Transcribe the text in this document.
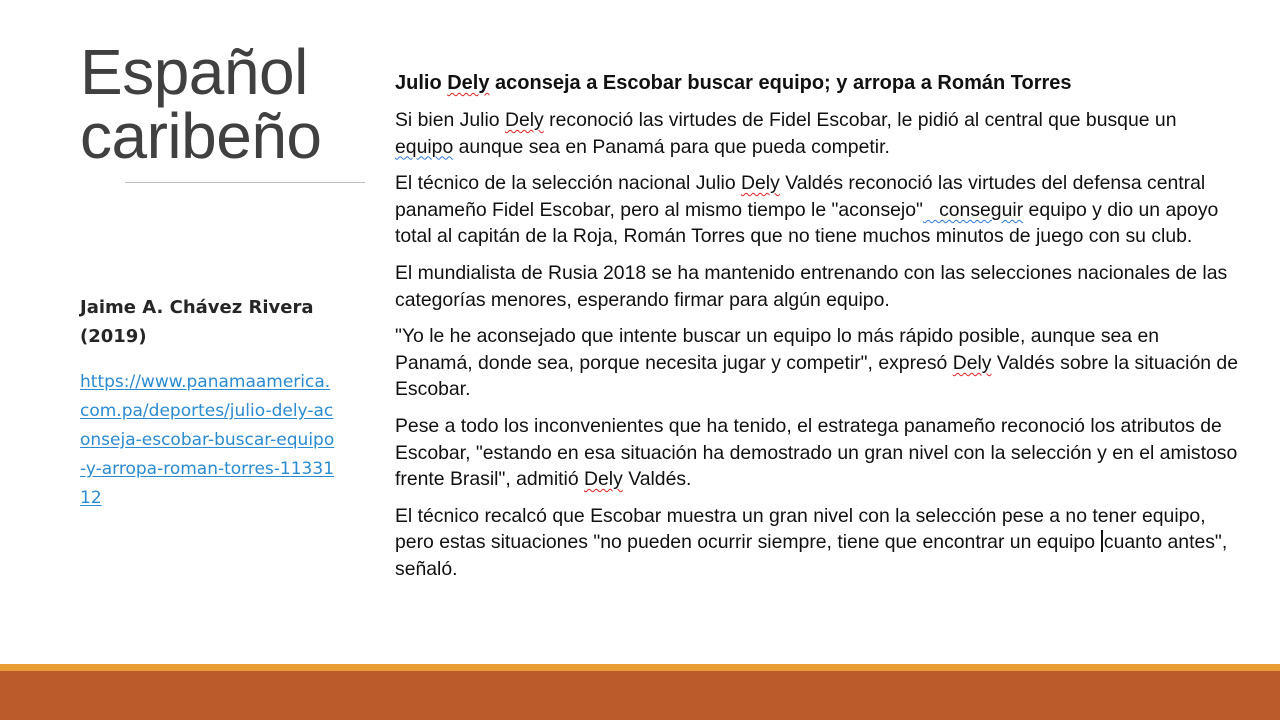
Español
caribeño

Jaime A. Chávez Rivera
(2019)

https://www.panamaamerica.com.pa/deportes/julio-dely-aconseja-escobar-buscar-equipo-y-arropa-roman-torres-1133112

Julio Dely aconseja a Escobar buscar equipo; y arropa a Román Torres

Si bien Julio Dely reconoció las virtudes de Fidel Escobar, le pidió al central que busque un equipo aunque sea en Panamá para que pueda competir.

El técnico de la selección nacional Julio Dely Valdés reconoció las virtudes del defensa central panameño Fidel Escobar, pero al mismo tiempo le "aconsejo"   conseguir equipo y dio un apoyo total al capitán de la Roja, Román Torres que no tiene muchos minutos de juego con su club.

El mundialista de Rusia 2018 se ha mantenido entrenando con las selecciones nacionales de las categorías menores, esperando firmar para algún equipo.

"Yo le he aconsejado que intente buscar un equipo lo más rápido posible, aunque sea en Panamá, donde sea, porque necesita jugar y competir", expresó Dely Valdés sobre la situación de Escobar.

Pese a todo los inconvenientes que ha tenido, el estratega panameño reconoció los atributos de Escobar, "estando en esa situación ha demostrado un gran nivel con la selección y en el amistoso frente Brasil", admitió Dely Valdés.

El técnico recalcó que Escobar muestra un gran nivel con la selección pese a no tener equipo, pero estas situaciones "no pueden ocurrir siempre, tiene que encontrar un equipo cuanto antes", señaló.
